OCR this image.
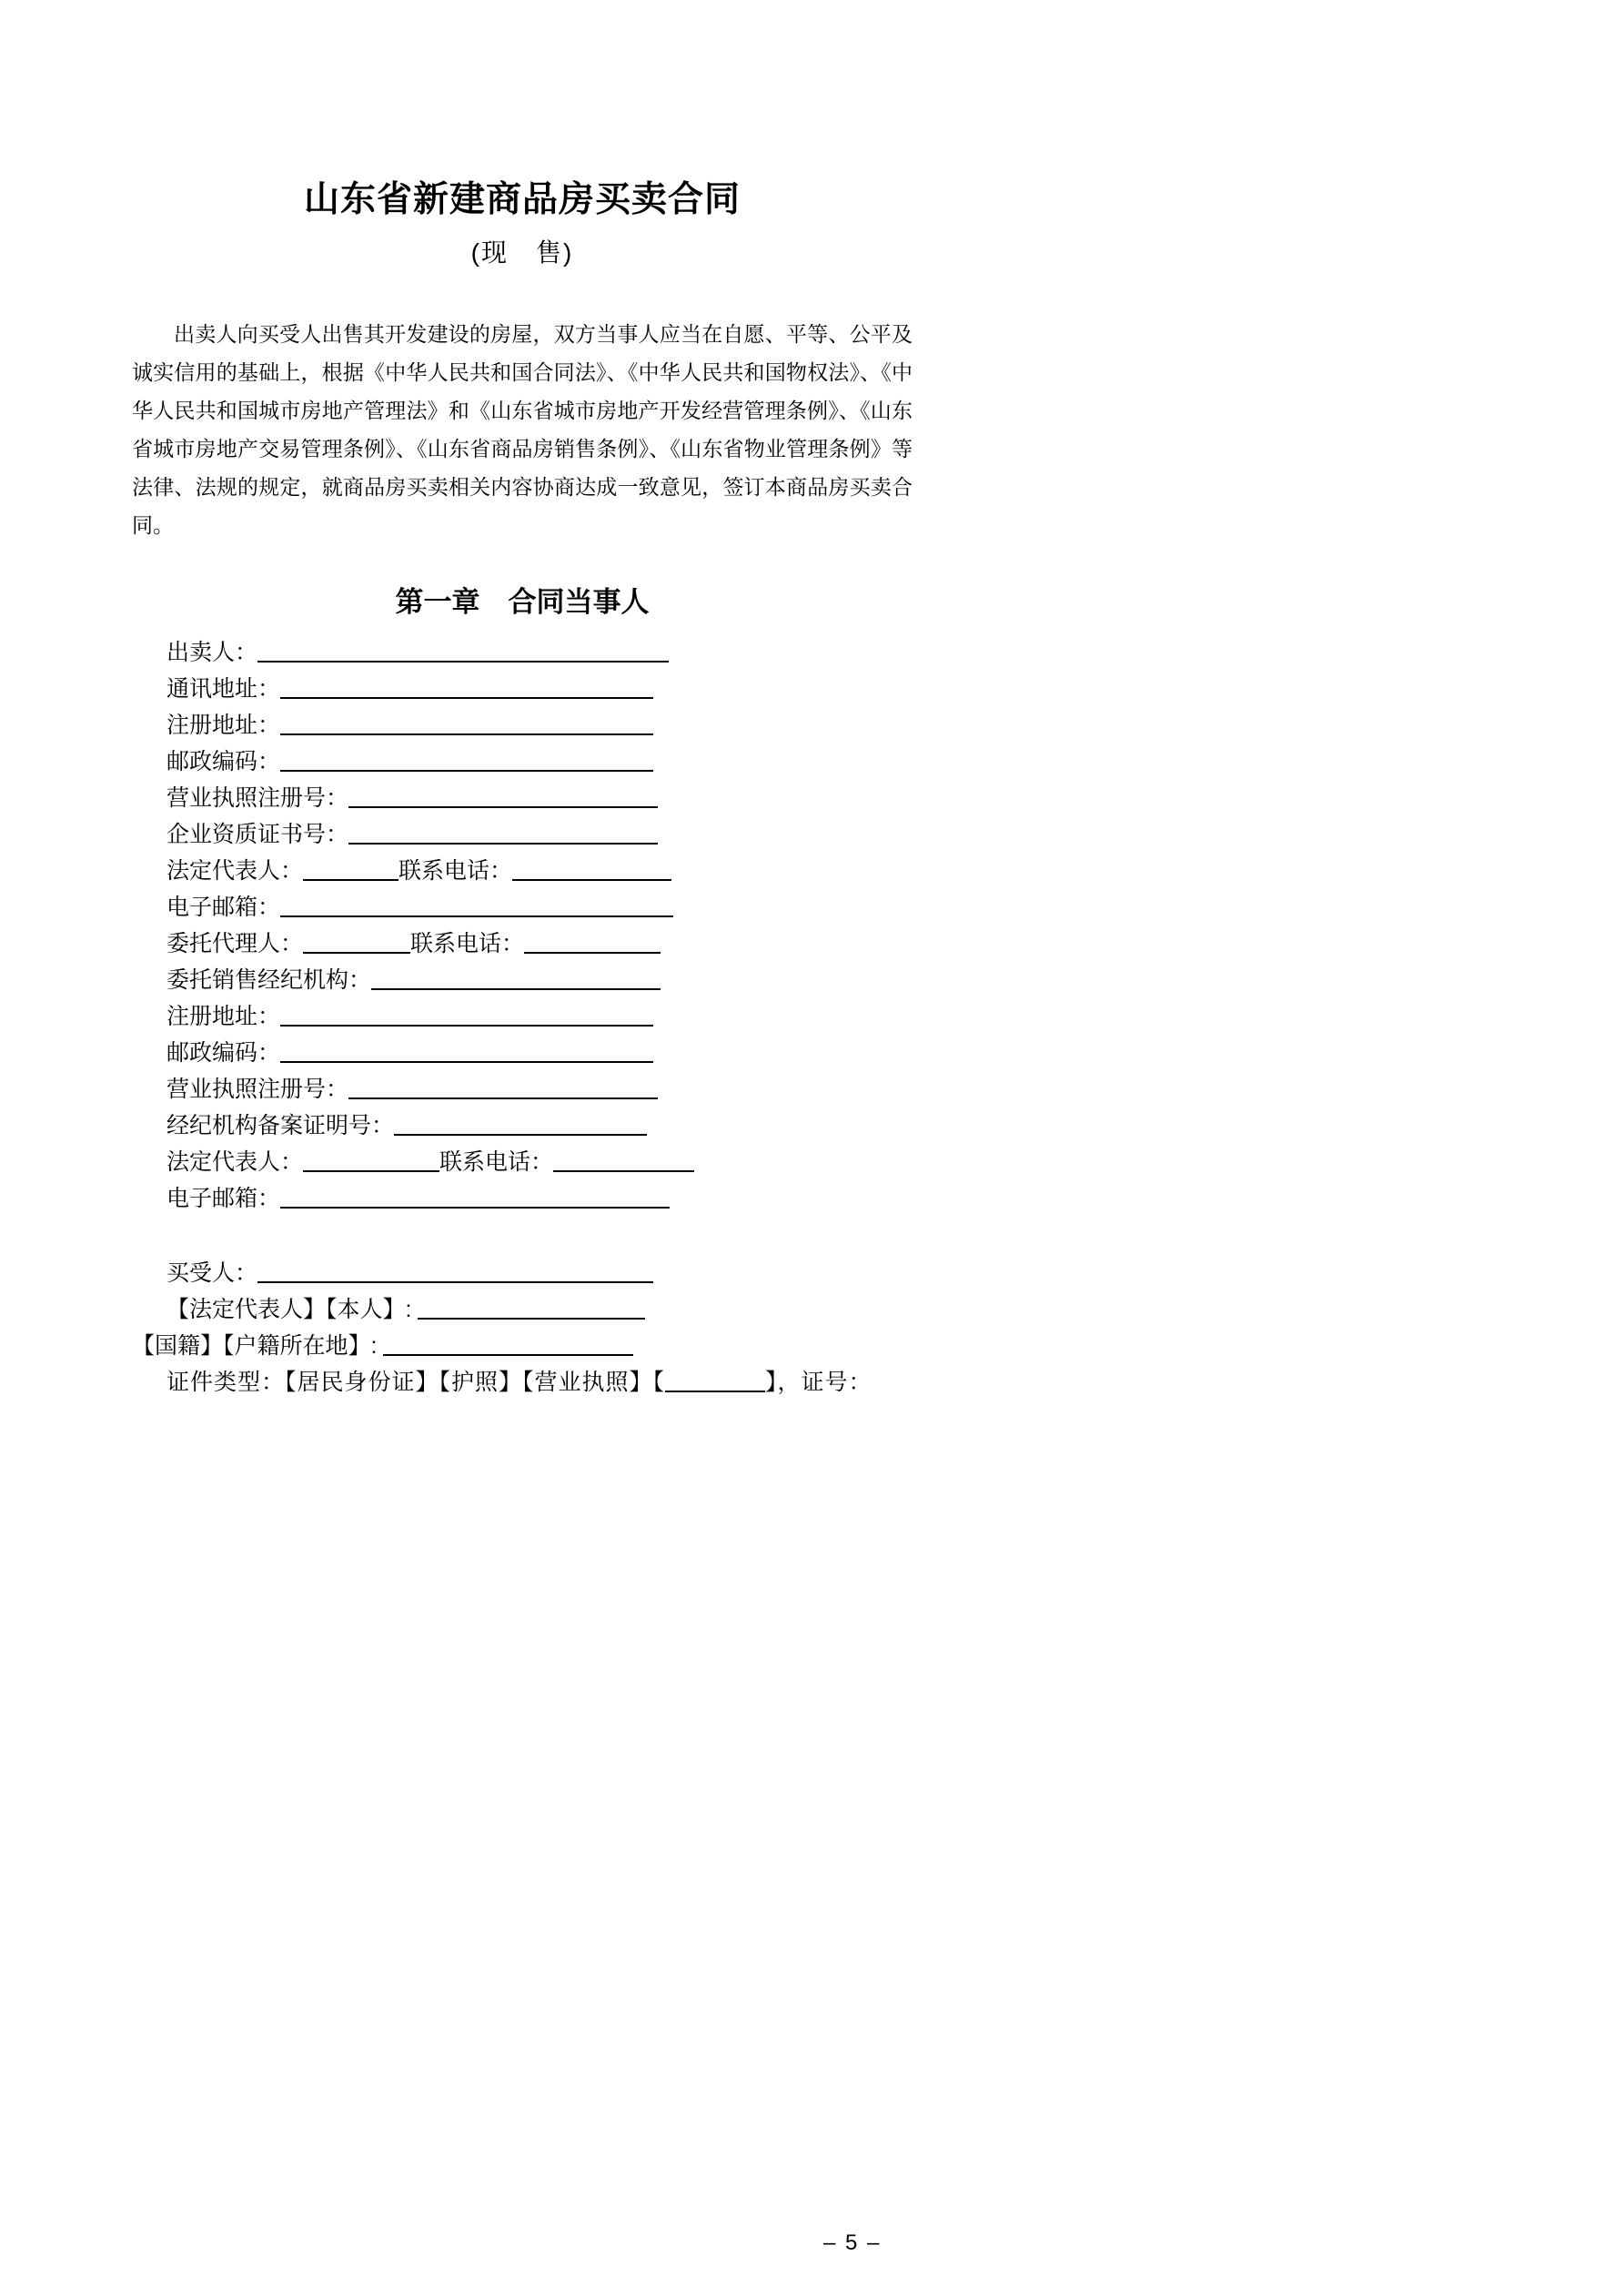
山东省新建商品房买卖合同
(现　售)

出卖人向买受人出售其开发建设的房屋，双方当事人应当在自愿、平等、公平及诚实信用的基础上，根据《中华人民共和国合同法》、《中华人民共和国物权法》、《中华人民共和国城市房地产管理法》和《山东省城市房地产开发经营管理条例》、《山东省城市房地产交易管理条例》、《山东省商品房销售条例》、《山东省物业管理条例》等法律、法规的规定，就商品房买卖相关内容协商达成一致意见，签订本商品房买卖合同。

第一章　合同当事人
出卖人：
通讯地址：
注册地址：
邮政编码：
营业执照注册号：
企业资质证书号：
法定代表人：	联系电话：
电子邮箱：
委托代理人：	联系电话：
委托销售经纪机构：
注册地址：
邮政编码：
营业执照注册号：
经纪机构备案证明号：
法定代表人：	联系电话：
电子邮箱：
买受人：
【法定代表人】【本人】:
【国籍】【户籍所在地】:
证件类型：【居民身份证】【护照】【营业执照】【	】，证号：
– 5 –
